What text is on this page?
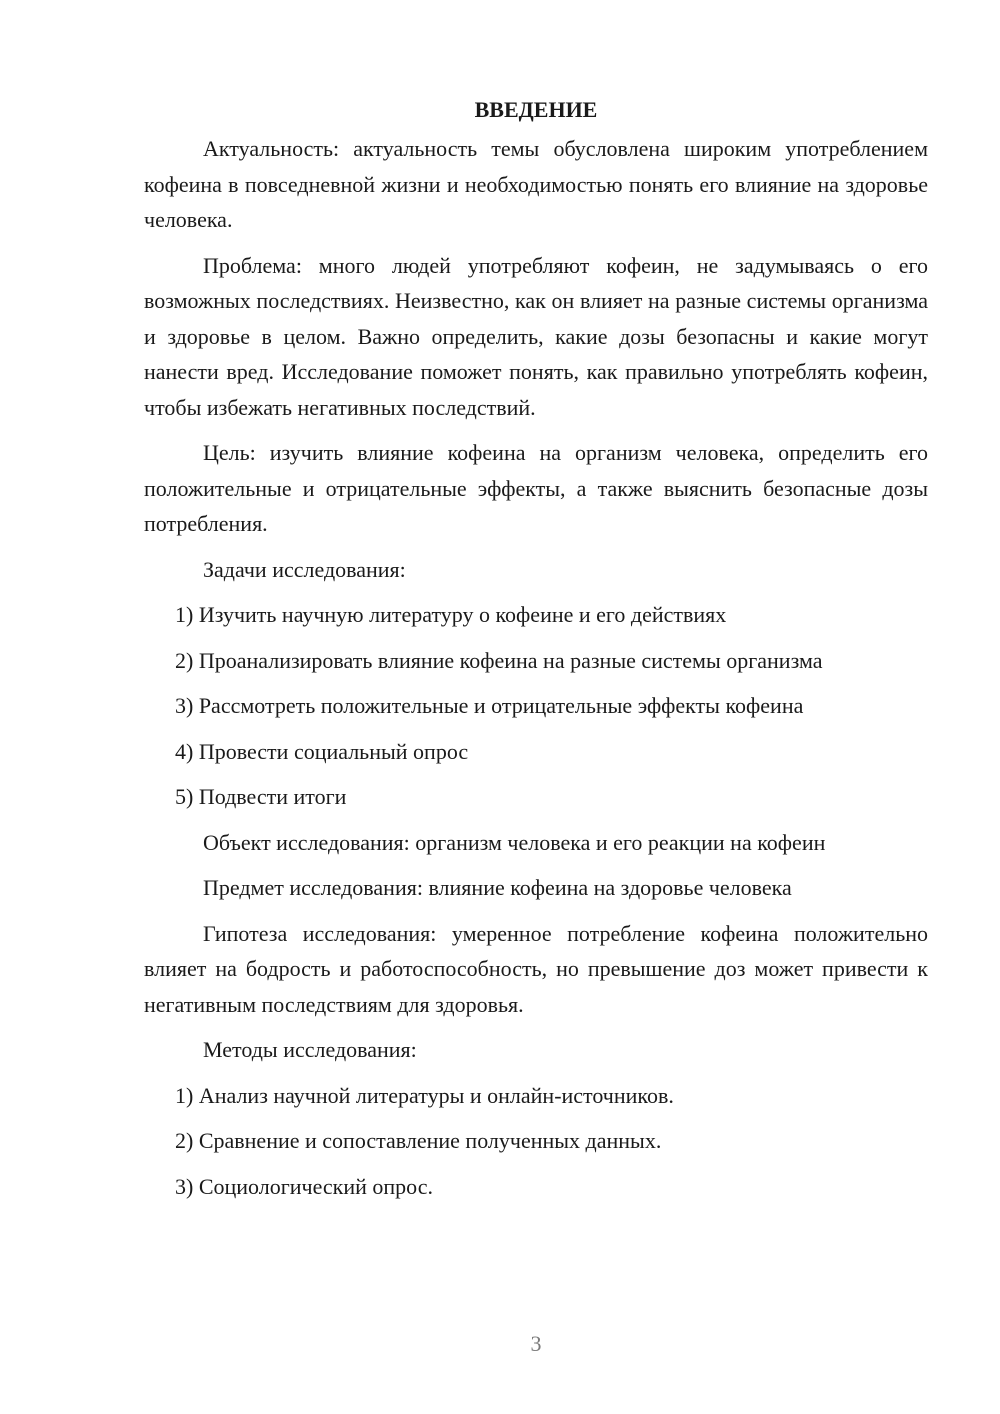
ВВЕДЕНИЕ

Актуальность: актуальность темы обусловлена широким употреблением кофеина в повседневной жизни и необходимостью понять его влияние на здоровье человека.

Проблема: много людей употребляют кофеин, не задумываясь о его возможных последствиях. Неизвестно, как он влияет на разные системы организма и здоровье в целом. Важно определить, какие дозы безопасны и какие могут нанести вред. Исследование поможет понять, как правильно употреблять кофеин, чтобы избежать негативных последствий.

Цель: изучить влияние кофеина на организм человека, определить его положительные и отрицательные эффекты, а также выяснить безопасные дозы потребления.

Задачи исследования:

1) Изучить научную литературу о кофеине и его действиях
2) Проанализировать влияние кофеина на разные системы организма
3) Рассмотреть положительные и отрицательные эффекты кофеина
4) Провести социальный опрос
5) Подвести итоги

Объект исследования: организм человека и его реакции на кофеин

Предмет исследования: влияние кофеина на здоровье человека

Гипотеза исследования: умеренное потребление кофеина положительно влияет на бодрость и работоспособность, но превышение доз может привести к негативным последствиям для здоровья.

Методы исследования:

1) Анализ научной литературы и онлайн-источников.
2) Сравнение и сопоставление полученных данных.
3) Социологический опрос.
3
